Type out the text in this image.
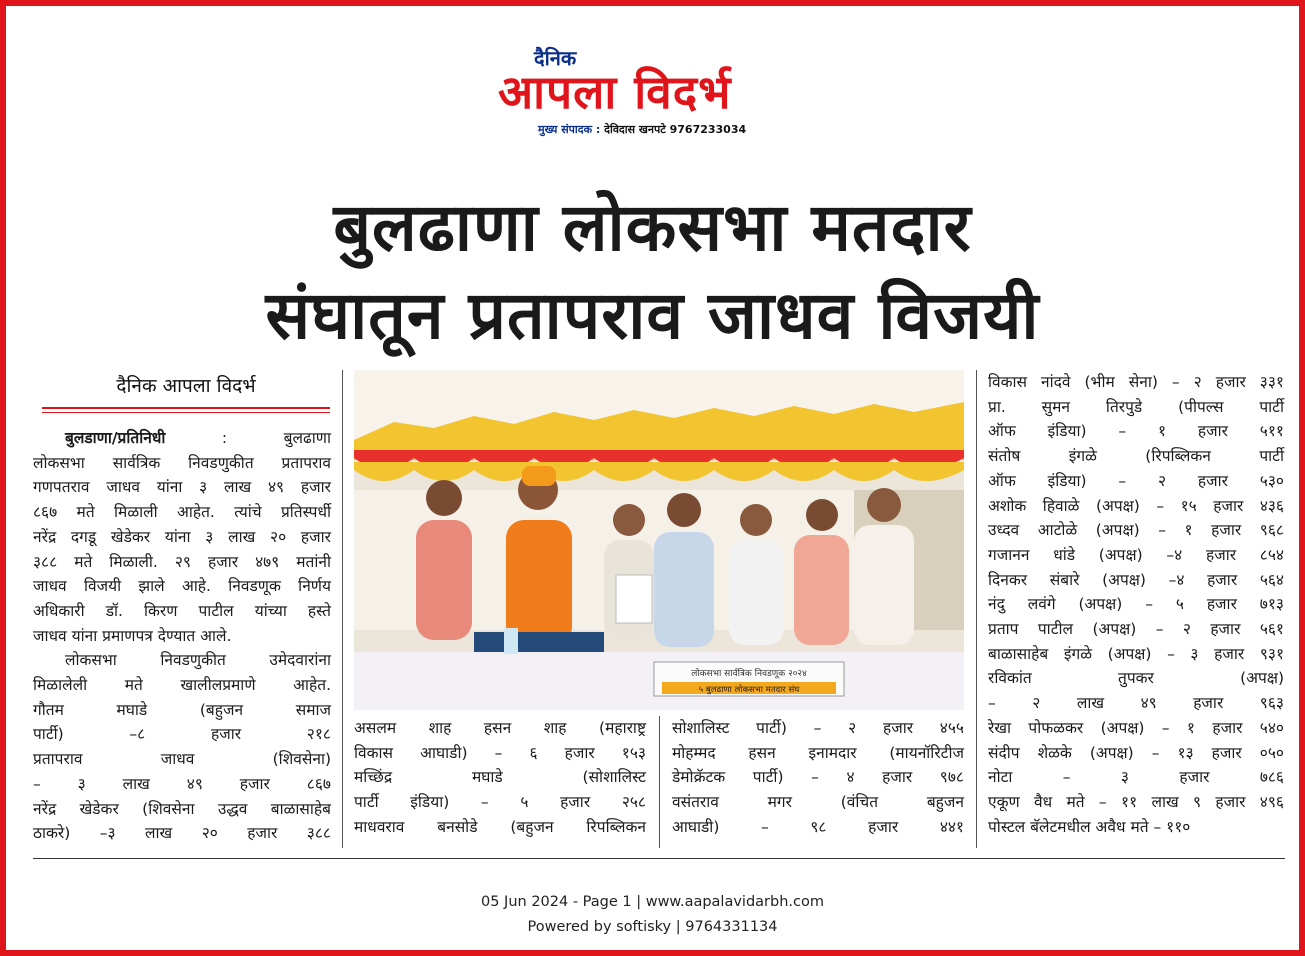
दैनिक
आपला विदर्भ
मुख्य संपादक : देविदास खनपटे 9767233034
बुलढाणा लोकसभा मतदार
संघातून प्रतापराव जाधव विजयी
दैनिक आपला विदर्भ

बुलडाणा/प्रतिनिधी : बुलढाणा

लोकसभा सार्वत्रिक निवडणुकीत प्रतापराव

गणपतराव जाधव यांना ३ लाख ४९ हजार

८६७ मते मिळाली आहेत. त्यांचे प्रतिस्पर्धी

नरेंद्र दगडू खेडेकर यांना ३ लाख २० हजार

३८८ मते मिळाली. २९ हजार ४७९ मतांनी

जाधव विजयी झाले आहे. निवडणूक निर्णय

अधिकारी डॉ. किरण पाटील यांच्या हस्ते

जाधव यांना प्रमाणपत्र देण्यात आले.

लोकसभा निवडणुकीत उमेदवारांना

मिळालेली मते खालीलप्रमाणे आहेत.

गौतम मघाडे (बहुजन समाज

पार्टी) –८ हजार २१८

प्रतापराव जाधव (शिवसेना)

– ३ लाख ४९ हजार ८६७

नरेंद्र खेडेकर (शिवसेना उद्धव बाळासाहेब

ठाकरे) –३ लाख २० हजार ३८८

लोकसभा सार्वत्रिक निवडणूक २०२४
५ बुलढाणा लोकसभा मतदार संघ

असलम शाह हसन शाह (महाराष्ट्र

विकास आघाडी) – ६ हजार १५३

मच्छिंद्र मघाडे (सोशालिस्ट

पार्टी इंडिया) – ५ हजार २५८

माधवराव बनसोडे (बहुजन रिपब्लिकन

सोशालिस्ट पार्टी) – २ हजार ४५५

मोहम्मद हसन इनामदार (मायनॉरिटीज

डेमोक्रॅटक पार्टी) – ४ हजार ९७८

वसंतराव मगर (वंचित बहुजन

आघाडी) – ९८ हजार ४४१

विकास नांदवे (भीम सेना) – २ हजार ३३१

प्रा. सुमन तिरपुडे (पीपल्स पार्टी

ऑफ इंडिया) – १ हजार ५११

संतोष इंगळे (रिपब्लिकन पार्टी

ऑफ इंडिया) – २ हजार ५३०

अशोक हिवाळे (अपक्ष) – १५ हजार ४३६

उध्दव आटोळे (अपक्ष) – १ हजार ९६८

गजानन धांडे (अपक्ष) –४ हजार ८५४

दिनकर संबारे (अपक्ष) –४ हजार ५६४

नंदु लवंगे (अपक्ष) – ५ हजार ७१३

प्रताप पाटील (अपक्ष) – २ हजार ५६१

बाळासाहेब इंगळे (अपक्ष) – ३ हजार ९३१

रविकांत तुपकर (अपक्ष)

– २ लाख ४९ हजार ९६३

रेखा पोफळकर (अपक्ष) – १ हजार ५४०

संदीप शेळके (अपक्ष) – १३ हजार ०५०

नोटा – ३ हजार ७८६

एकूण वैध मते – ११ लाख ९ हजार ४९६

पोस्टल बॅलेटमधील अवैध मते – ११०

05 Jun 2024 - Page 1 | www.aapalavidarbh.com
Powered by softisky | 9764331134
